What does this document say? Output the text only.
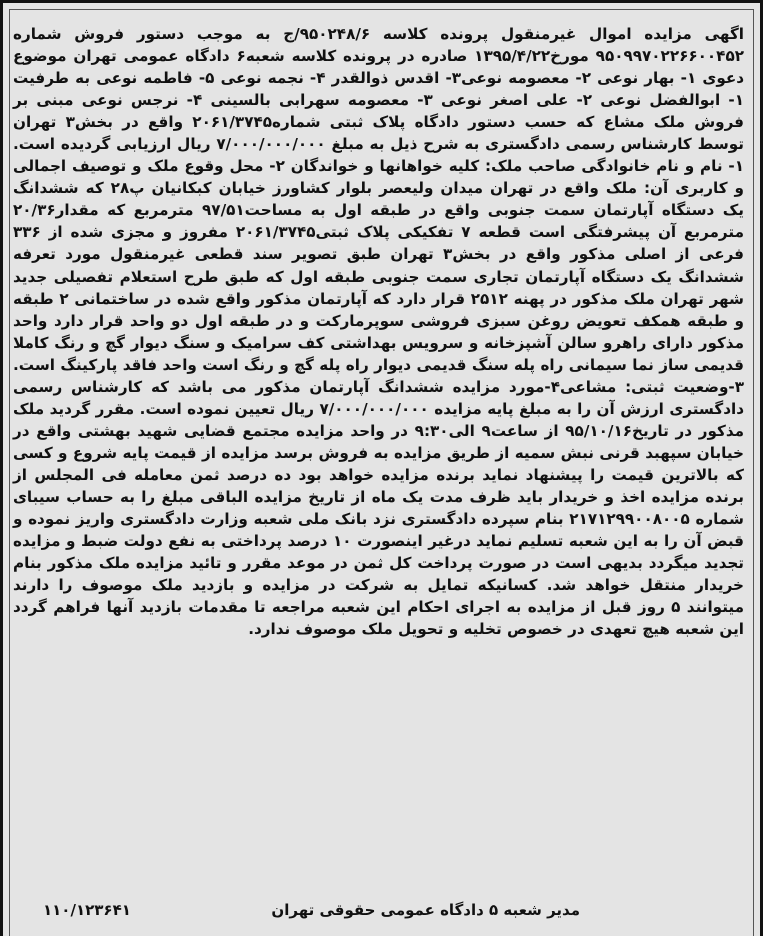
اگهی مزایده اموال غیرمنقول پرونده کلاسه ۹۵۰۲۴۸/۶/ج به موجب دستور فروش شماره ۹۵۰۹۹۷۰۲۲۶۶۰۰۴۵۲ مورخ۱۳۹۵/۴/۲۲ صادره در پرونده کلاسه شعبه۶ دادگاه عمومی تهران موضوع دعوی ۱- بهار نوعی ۲- معصومه نوعی۳- اقدس ذوالقدر ۴- نجمه نوعی ۵- فاطمه نوعی به طرفیت ۱- ابوالفضل نوعی ۲- علی اصغر نوعی ۳- معصومه سهرابی بالسینی ۴- نرجس نوعی مبنی بر فروش ملک مشاع که حسب دستور دادگاه پلاک ثبتی شماره۲۰۶۱/۳۷۴۵ واقع در بخش۳ تهران توسط کارشناس رسمی دادگستری به شرح ذیل به مبلغ ۷/۰۰۰/۰۰۰/۰۰۰ ریال ارزیابی گردیده است. ۱- نام و نام خانوادگی صاحب ملک: کلیه خواهانها و خواندگان ۲- محل وقوع ملک و توصیف اجمالی و کاربری آن: ملک واقع در تهران میدان ولیعصر بلوار کشاورز خیابان کبکانیان پ۲۸ که ششدانگ یک دستگاه آپارتمان سمت جنوبی واقع در طبقه اول به مساحت۹۷/۵۱ مترمربع که مقدار۲۰/۳۶ مترمربع آن پیشرفتگی است قطعه ۷ تفکیکی پلاک ثبتی۲۰۶۱/۳۷۴۵ مفروز و مجزی شده از ۳۳۶ فرعی از اصلی مذکور واقع در بخش۳ تهران طبق تصویر سند قطعی غیرمنقول مورد تعرفه ششدانگ یک دستگاه آپارتمان تجاری سمت جنوبی طبقه اول که طبق طرح استعلام تفصیلی جدید شهر تهران ملک مذکور در پهنه ۲۵۱۲ قرار دارد که آپارتمان مذکور واقع شده در ساختمانی ۲ طبقه و طبقه همکف تعویض روغن سبزی فروشی سوپرمارکت و در طبقه اول دو واحد قرار دارد واحد مذکور دارای راهرو سالن آشپزخانه و سرویس بهداشتی کف سرامیک و سنگ دیوار گچ و رنگ کاملا قدیمی ساز نما سیمانی راه پله سنگ قدیمی دیوار راه پله گچ و رنگ است واحد فاقد پارکینگ است. ۳-وضعیت ثبتی: مشاعی۴-مورد مزایده ششدانگ آپارتمان مذکور می باشد که کارشناس رسمی دادگستری ارزش آن را به مبلغ پایه مزایده ۷/۰۰۰/۰۰۰/۰۰۰ ریال تعیین نموده است. مقرر گردید ملک مذکور در تاریخ۹۵/۱۰/۱۶ از ساعت۹ الی۹:۳۰ در واحد مزایده مجتمع قضایی شهید بهشتی واقع در خیابان سپهبد قرنی نبش سمیه از طریق مزایده به فروش برسد مزایده از قیمت پایه شروع و کسی که بالاترین قیمت را پیشنهاد نماید برنده مزایده خواهد بود ده درصد ثمن معامله فی المجلس از برنده مزایده اخذ و خریدار باید ظرف مدت یک ماه از تاریخ مزایده الباقی مبلغ را به حساب سیبای شماره ۲۱۷۱۲۹۹۰۰۸۰۰۵ بنام سپرده دادگستری نزد بانک ملی شعبه وزارت دادگستری واریز نموده و قبض آن را به این شعبه تسلیم نماید درغیر اینصورت ۱۰ درصد پرداختی به نفع دولت ضبط و مزایده تجدید میگردد بدیهی است در صورت پرداخت کل ثمن در موعد مقرر و تائید مزایده ملک مذکور بنام خریدار منتقل خواهد شد. کسانیکه تمایل به شرکت در مزایده و بازدید ملک موصوف را دارند میتوانند ۵ روز قبل از مزایده به اجرای احکام این شعبه مراجعه تا مقدمات بازدید آنها فراهم گردد این شعبه هیچ تعهدی در خصوص تخلیه و تحویل ملک موصوف ندارد.

مدیر شعبه ۵ دادگاه عمومی حقوقی تهران
۱۱۰/۱۲۳۶۴۱
